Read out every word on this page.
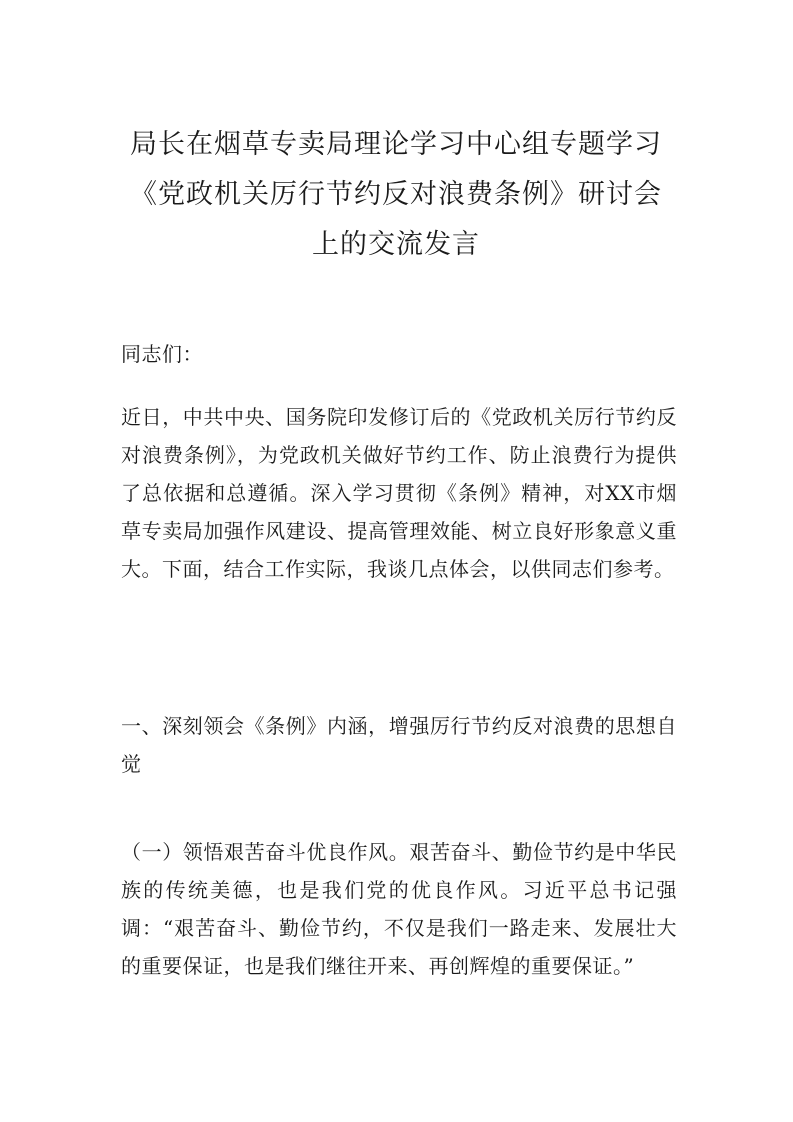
局长在烟草专卖局理论学习中心组专题学习《党政机关厉行节约反对浪费条例》研讨会上的交流发言

同志们：

近日，中共中央、国务院印发修订后的《党政机关厉行节约反对浪费条例》，为党政机关做好节约工作、防止浪费行为提供了总依据和总遵循。深入学习贯彻《条例》精神，对XX市烟草专卖局加强作风建设、提高管理效能、树立良好形象意义重大。下面，结合工作实际，我谈几点体会，以供同志们参考。

一、深刻领会《条例》内涵，增强厉行节约反对浪费的思想自觉

（一）领悟艰苦奋斗优良作风。艰苦奋斗、勤俭节约是中华民族的传统美德，也是我们党的优良作风。习近平总书记强调：“艰苦奋斗、勤俭节约，不仅是我们一路走来、发展壮大的重要保证，也是我们继往开来、再创辉煌的重要保证。”
